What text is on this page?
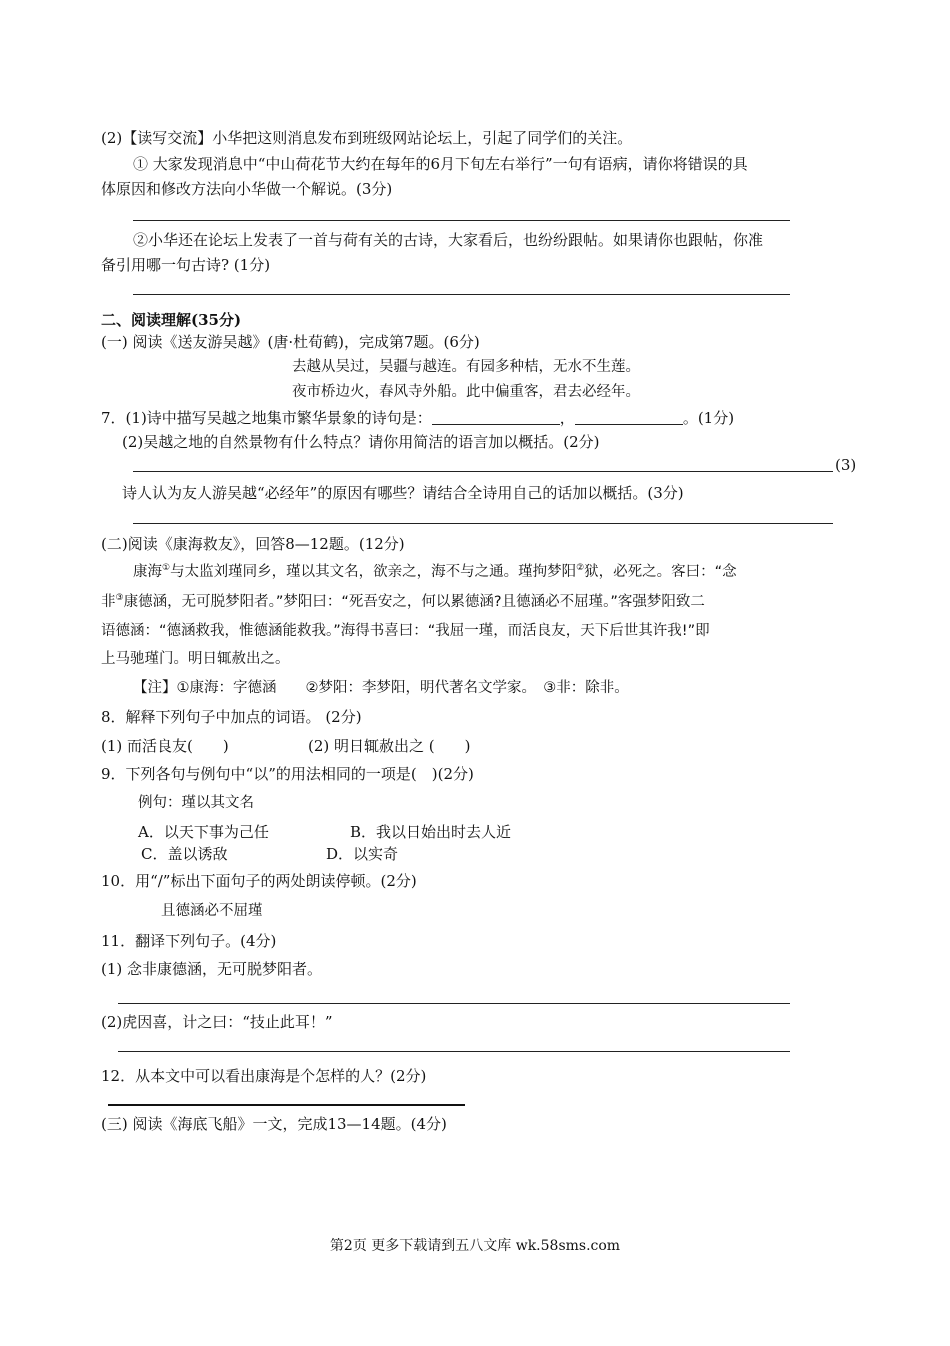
(2)【读写交流】小华把这则消息发布到班级网站论坛上，引起了同学们的关注。
① 大家发现消息中“中山荷花节大约在每年的6月下旬左右举行”一句有语病，请你将错误的具
体原因和修改方法向小华做一个解说。(3分)
②小华还在论坛上发表了一首与荷有关的古诗，大家看后，也纷纷跟帖。如果请你也跟帖，你准
备引用哪一句古诗? (1分)
二、阅读理解(35分)
(一) 阅读《送友游吴越》(唐·杜荀鹤)，完成第7题。(6分)
去越从吴过，吴疆与越连。有园多种桔，无水不生莲。
夜市桥边火，春风寺外船。此中偏重客，君去必经年。
7．(1)诗中描写吴越之地集市繁华景象的诗句是：	，	。(1分)
(2)吴越之地的自然景物有什么特点？请你用简洁的语言加以概括。(2分)
(3)
诗人认为友人游吴越“必经年”的原因有哪些？请结合全诗用自己的话加以概括。(3分)
(二)阅读《康海救友》，回答8—12题。(12分)
康海①与太监刘瑾同乡，瑾以其文名，欲亲之，海不与之通。瑾拘梦阳②狱，必死之。客曰：“念
非③康德涵，无可脱梦阳者。”梦阳曰：“死吾安之，何以累德涵?且德涵必不屈瑾。”客强梦阳致二
语德涵：“德涵救我，惟德涵能救我。”海得书喜曰：“我屈一瑾，而活良友，天下后世其许我!”即
上马驰瑾门。明日辄赦出之。
【注】①康海：字德涵　　②梦阳：李梦阳，明代著名文学家。　③非：除非。
8．解释下列句子中加点的词语。 (2分)
(1) 而活良友(　　)	(2) 明日辄赦出之 (　　)
9．下列各句与例句中“以”的用法相同的一项是(　)(2分)
例句：瑾以其文名
A．以天下事为己任	B．我以日始出时去人近
C．盖以诱敌	D．以实奇
10．用“/”标出下面句子的两处朗读停顿。(2分)
且德涵必不屈瑾
11．翻译下列句子。(4分)
(1) 念非康德涵，无可脱梦阳者。
(2)虎因喜，计之曰：“技止此耳！”
12．从本文中可以看出康海是个怎样的人？(2分)
(三) 阅读《海底飞船》一文，完成13—14题。(4分)
第2页 更多下载请到五八文库 wk.58sms.com
